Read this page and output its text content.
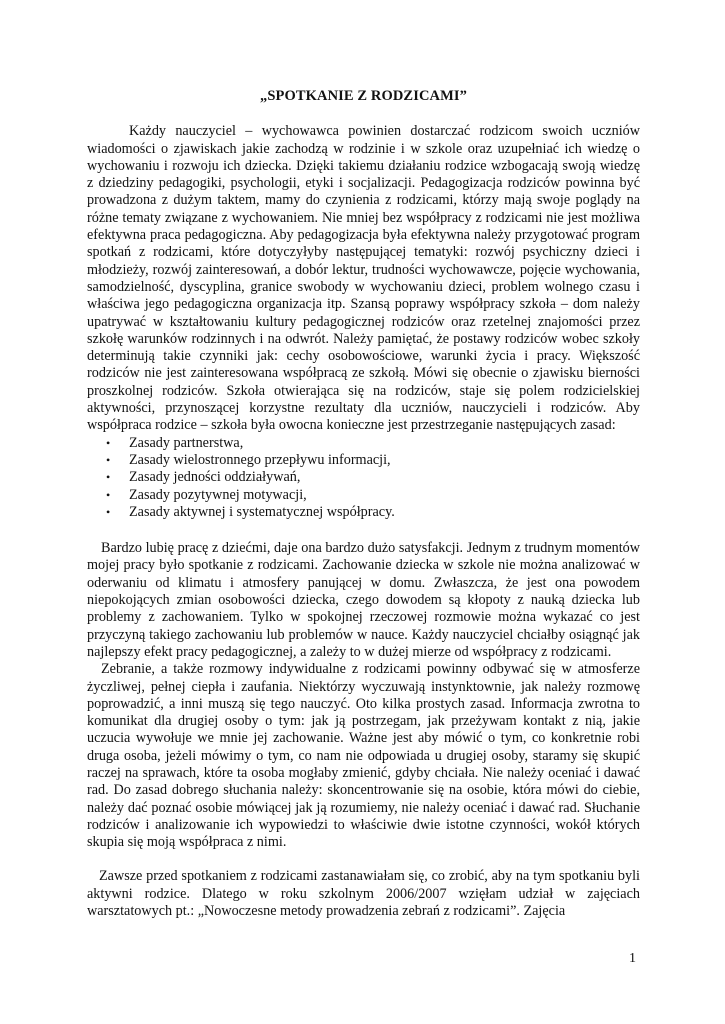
„SPOTKANIE Z RODZICAMI”

Każdy nauczyciel – wychowawca powinien dostarczać rodzicom swoich uczniów wiadomości o zjawiskach jakie zachodzą w rodzinie i w szkole oraz uzupełniać ich wiedzę o wychowaniu i rozwoju ich dziecka. Dzięki takiemu działaniu rodzice wzbogacają swoją wiedzę z dziedziny pedagogiki, psychologii, etyki i socjalizacji. Pedagogizacja rodziców powinna być prowadzona z dużym taktem, mamy do czynienia z rodzicami, którzy mają swoje poglądy na różne tematy związane z wychowaniem. Nie mniej bez współpracy z rodzicami nie jest możliwa efektywna praca pedagogiczna. Aby pedagogizacja była efektywna należy przygotować program spotkań z rodzicami, które dotyczyłyby następującej tematyki: rozwój psychiczny dzieci i młodzieży, rozwój zainteresowań, a dobór lektur, trudności wychowawcze, pojęcie wychowania, samodzielność, dyscyplina, granice swobody w wychowaniu dzieci, problem wolnego czasu i właściwa jego pedagogiczna organizacja itp. Szansą poprawy współpracy szkoła – dom należy upatrywać w kształtowaniu kultury pedagogicznej rodziców oraz rzetelnej znajomości przez szkołę warunków rodzinnych i na odwrót. Należy pamiętać, że postawy rodziców wobec szkoły determinują takie czynniki jak: cechy osobowościowe, warunki życia i pracy. Większość rodziców nie jest zainteresowana współpracą ze szkołą. Mówi się obecnie o zjawisku bierności proszkolnej rodziców. Szkoła otwierająca się na rodziców, staje się polem rodzicielskiej aktywności, przynoszącej korzystne rezultaty dla uczniów, nauczycieli i rodziców. Aby współpraca rodzice – szkoła była owocna konieczne jest przestrzeganie następujących zasad:

• Zasady partnerstwa,
• Zasady wielostronnego przepływu informacji,
• Zasady jedności oddziaływań,
• Zasady pozytywnej motywacji,
• Zasady aktywnej i systematycznej współpracy.

Bardzo lubię pracę z dziećmi, daje ona bardzo dużo satysfakcji. Jednym z trudnym momentów mojej pracy było spotkanie z rodzicami. Zachowanie dziecka w szkole nie można analizować w oderwaniu od klimatu i atmosfery panującej w domu. Zwłaszcza, że jest ona powodem niepokojących zmian osobowości dziecka, czego dowodem są kłopoty z nauką dziecka lub problemy z zachowaniem. Tylko w spokojnej rzeczowej rozmowie można wykazać co jest przyczyną takiego zachowaniu lub problemów w nauce. Każdy nauczyciel chciałby osiągnąć jak najlepszy efekt pracy pedagogicznej, a zależy to w dużej mierze od współpracy z rodzicami.

Zebranie, a także rozmowy indywidualne z rodzicami powinny odbywać się w atmosferze życzliwej, pełnej ciepła i zaufania. Niektórzy wyczuwają instynktownie, jak należy rozmowę poprowadzić, a inni muszą się tego nauczyć. Oto kilka prostych zasad. Informacja zwrotna to komunikat dla drugiej osoby o tym: jak ją postrzegam, jak przeżywam kontakt z nią, jakie uczucia wywołuje we mnie jej zachowanie. Ważne jest aby mówić o tym, co konkretnie robi druga osoba, jeżeli mówimy o tym, co nam nie odpowiada u drugiej osoby, staramy się skupić raczej na sprawach, które ta osoba mogłaby zmienić, gdyby chciała. Nie należy oceniać i dawać rad. Do zasad dobrego słuchania należy: skoncentrowanie się na osobie, która mówi do ciebie, należy dać poznać osobie mówiącej jak ją rozumiemy, nie należy oceniać i dawać rad. Słuchanie rodziców i analizowanie ich wypowiedzi to właściwie dwie istotne czynności, wokół których skupia się moją współpraca z nimi.

Zawsze przed spotkaniem z rodzicami zastanawiałam się, co zrobić, aby na tym spotkaniu byli aktywni rodzice. Dlatego w roku szkolnym 2006/2007 wzięłam udział w zajęciach warsztatowych pt.: „Nowoczesne metody prowadzenia zebrań z rodzicami”. Zajęcia

1
